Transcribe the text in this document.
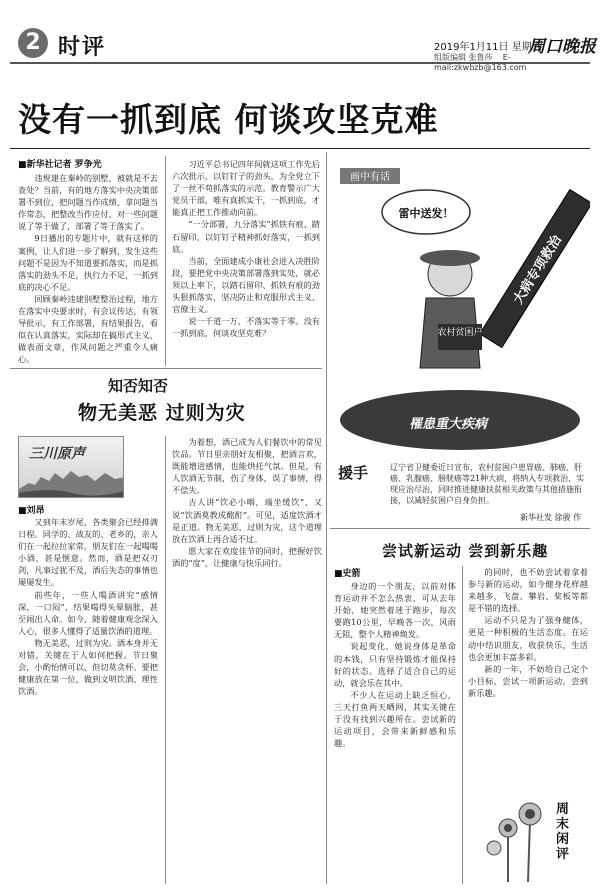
2 时评	2019年1月11日 星期五
周口晚报
组版编辑 张鲁莎 E-mail:zkwbzb@163.com
没有一抓到底 何谈攻坚克难
■新华社记者 罗争光

违规建在秦岭的别墅，被就是不去查处？当前，有的地方落实中央决策部署不到位，把问题当作成绩、拿问题当作常态，把整改当作应付，对一些问题说了等于做了，部署了等于落实了。

9日播出的专题片中，就有这样的案例，让人们进一步了解到，发生这些问题不是因为不知道要抓落实，而是抓落实的劲头不足，执行力不足，一抓到底的决心不足。

回顾秦岭违建别墅整治过程，地方在落实中央要求时，有会议传达，有领导批示，有工作部署，有结果报告，看似在认真落实，实际却在搞形式主义，做表面文章，作风问题之严重令人痛心。

习近平总书记四年间就这项工作先后六次批示，以钉钉子的劲头，为全党立下了一丝不苟抓落实的示范。教育警示广大党员干部，唯有真抓实干，一抓到底，才能真正把工作推动向前。

“一分部署，九分落实”抓铁有痕、踏石留印，以钉钉子精神抓好落实，一抓到底。

当前，全面建成小康社会进入决胜阶段，要把党中央决策部署落到实处，就必须以上率下，以踏石留印、抓铁有痕的劲头狠抓落实，坚决防止和克服形式主义、官僚主义。

说一千道一万，不落实等于零。没有一抓到底，何谈攻坚克难？

知否知否
物无美恶 过则为灾
三川原声
■刘昂

又到年末岁尾，各类聚会已经排满日程。同学的、战友的、老乡的，亲人们在一起拉拉家常，朋友们在一起喝喝小酒，甚是惬意。然而，酒是把双刃剑，凡事过犹不及，酒后失态的事情也屡屡发生。

前些年，一些人喝酒讲究“感情深，一口闷”，结果喝得头晕脑胀，甚至闹出人命。如今，随着健康观念深入人心，很多人懂得了适量饮酒的道理。

物无美恶，过则为灾。酒本身并无对错，关键在于人如何把握。节日聚会，小酌怡情可以，但切莫贪杯。要把健康放在第一位，做到文明饮酒、理性饮酒。

为着想，酒已成为人们餐饮中的常见饮品。节日里亲朋好友相聚，把酒言欢，既能增进感情，也能烘托气氛。但是，有人饮酒无节制，伤了身体，误了事情，得不偿失。

古人讲“饮必小咽，端坐缓饮”，又说“饮酒莫教成酩酊”。可见，适度饮酒才是正道。物无美恶，过则为灾，这个道理放在饮酒上再合适不过。

愿大家在欢度佳节的同时，把握好饮酒的“度”，让健康与快乐同行。

画中有话
大病专项救治
雷中送发！
农村贫困户
罹患重大疾病
援手	辽宁省卫健委近日宣布，农村贫困户患胃癌、肺癌、肝癌、乳腺癌、膀胱癌等21种大病，将纳入专项救治，实现应治尽治，同时推进健康扶贫相关政策与其他措施衔接，以减轻贫困户自身负担。
新华社发 徐骏 作
尝试新运动 尝到新乐趣
■史箭

身边的一个朋友，以前对体育运动并不怎么热衷，可从去年开始，她突然着迷于跑步，每次要跑10公里，早晚各一次，风雨无阻，整个人精神焕发。

说起变化，她说身体是革命的本钱，只有坚持锻炼才能保持好的状态。选择了适合自己的运动，就会乐在其中。

不少人在运动上缺乏恒心，三天打鱼两天晒网，其实关键在于没有找到兴趣所在。尝试新的运动项目，会带来新鲜感和乐趣。

的同时，也不妨尝试着拿着参与新的运动，如今健身花样越来越多，飞盘、攀岩、桨板等都是不错的选择。

运动不只是为了强身健体，更是一种积极的生活态度。在运动中结识朋友，收获快乐，生活也会更加丰富多彩。

新的一年，不妨给自己定个小目标，尝试一项新运动，尝到新乐趣。

周末闲评
